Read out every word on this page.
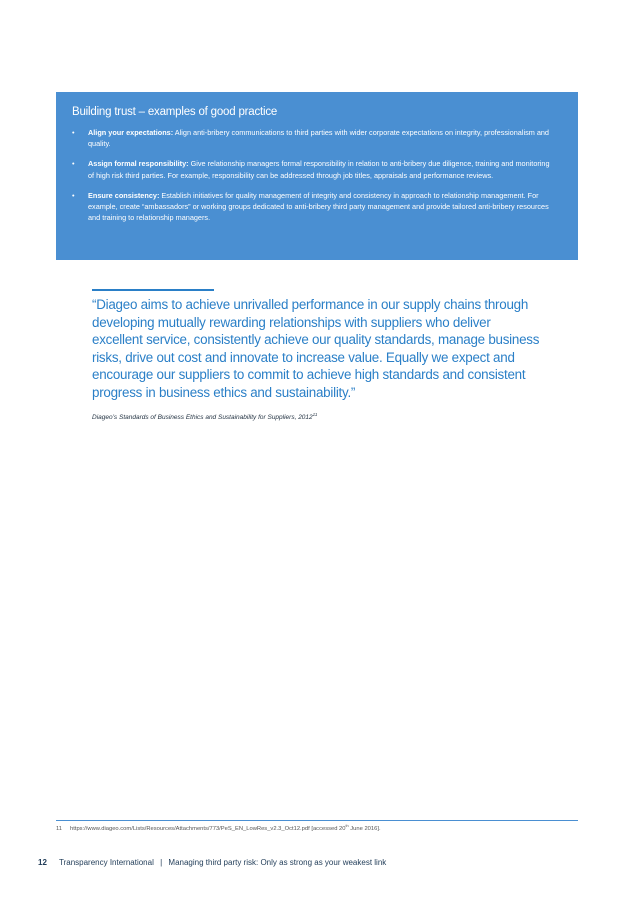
Building trust – examples of good practice
• Align your expectations: Align anti-bribery communications to third parties with wider corporate expectations on integrity, professionalism and quality.
• Assign formal responsibility: Give relationship managers formal responsibility in relation to anti-bribery due diligence, training and monitoring of high risk third parties. For example, responsibility can be addressed through job titles, appraisals and performance reviews.
• Ensure consistency: Establish initiatives for quality management of integrity and consistency in approach to relationship management. For example, create “ambassadors” or working groups dedicated to anti-bribery third party management and provide tailored anti-bribery resources and training to relationship managers.

“Diageo aims to achieve unrivalled performance in our supply chains through developing mutually rewarding relationships with suppliers who deliver excellent service, consistently achieve our quality standards, manage business risks, drive out cost and innovate to increase value. Equally we expect and encourage our suppliers to commit to achieve high standards and consistent progress in business ethics and sustainability.”

Diageo’s Standards of Business Ethics and Sustainability for Suppliers, 2012$^{11}$

11 https://www.diageo.com/Lists/Resources/Attachments/773/PeS_EN_LowRes_v2.3_Oct12.pdf [accessed 20th June 2016].

12 Transparency International | Managing third party risk: Only as strong as your weakest link
